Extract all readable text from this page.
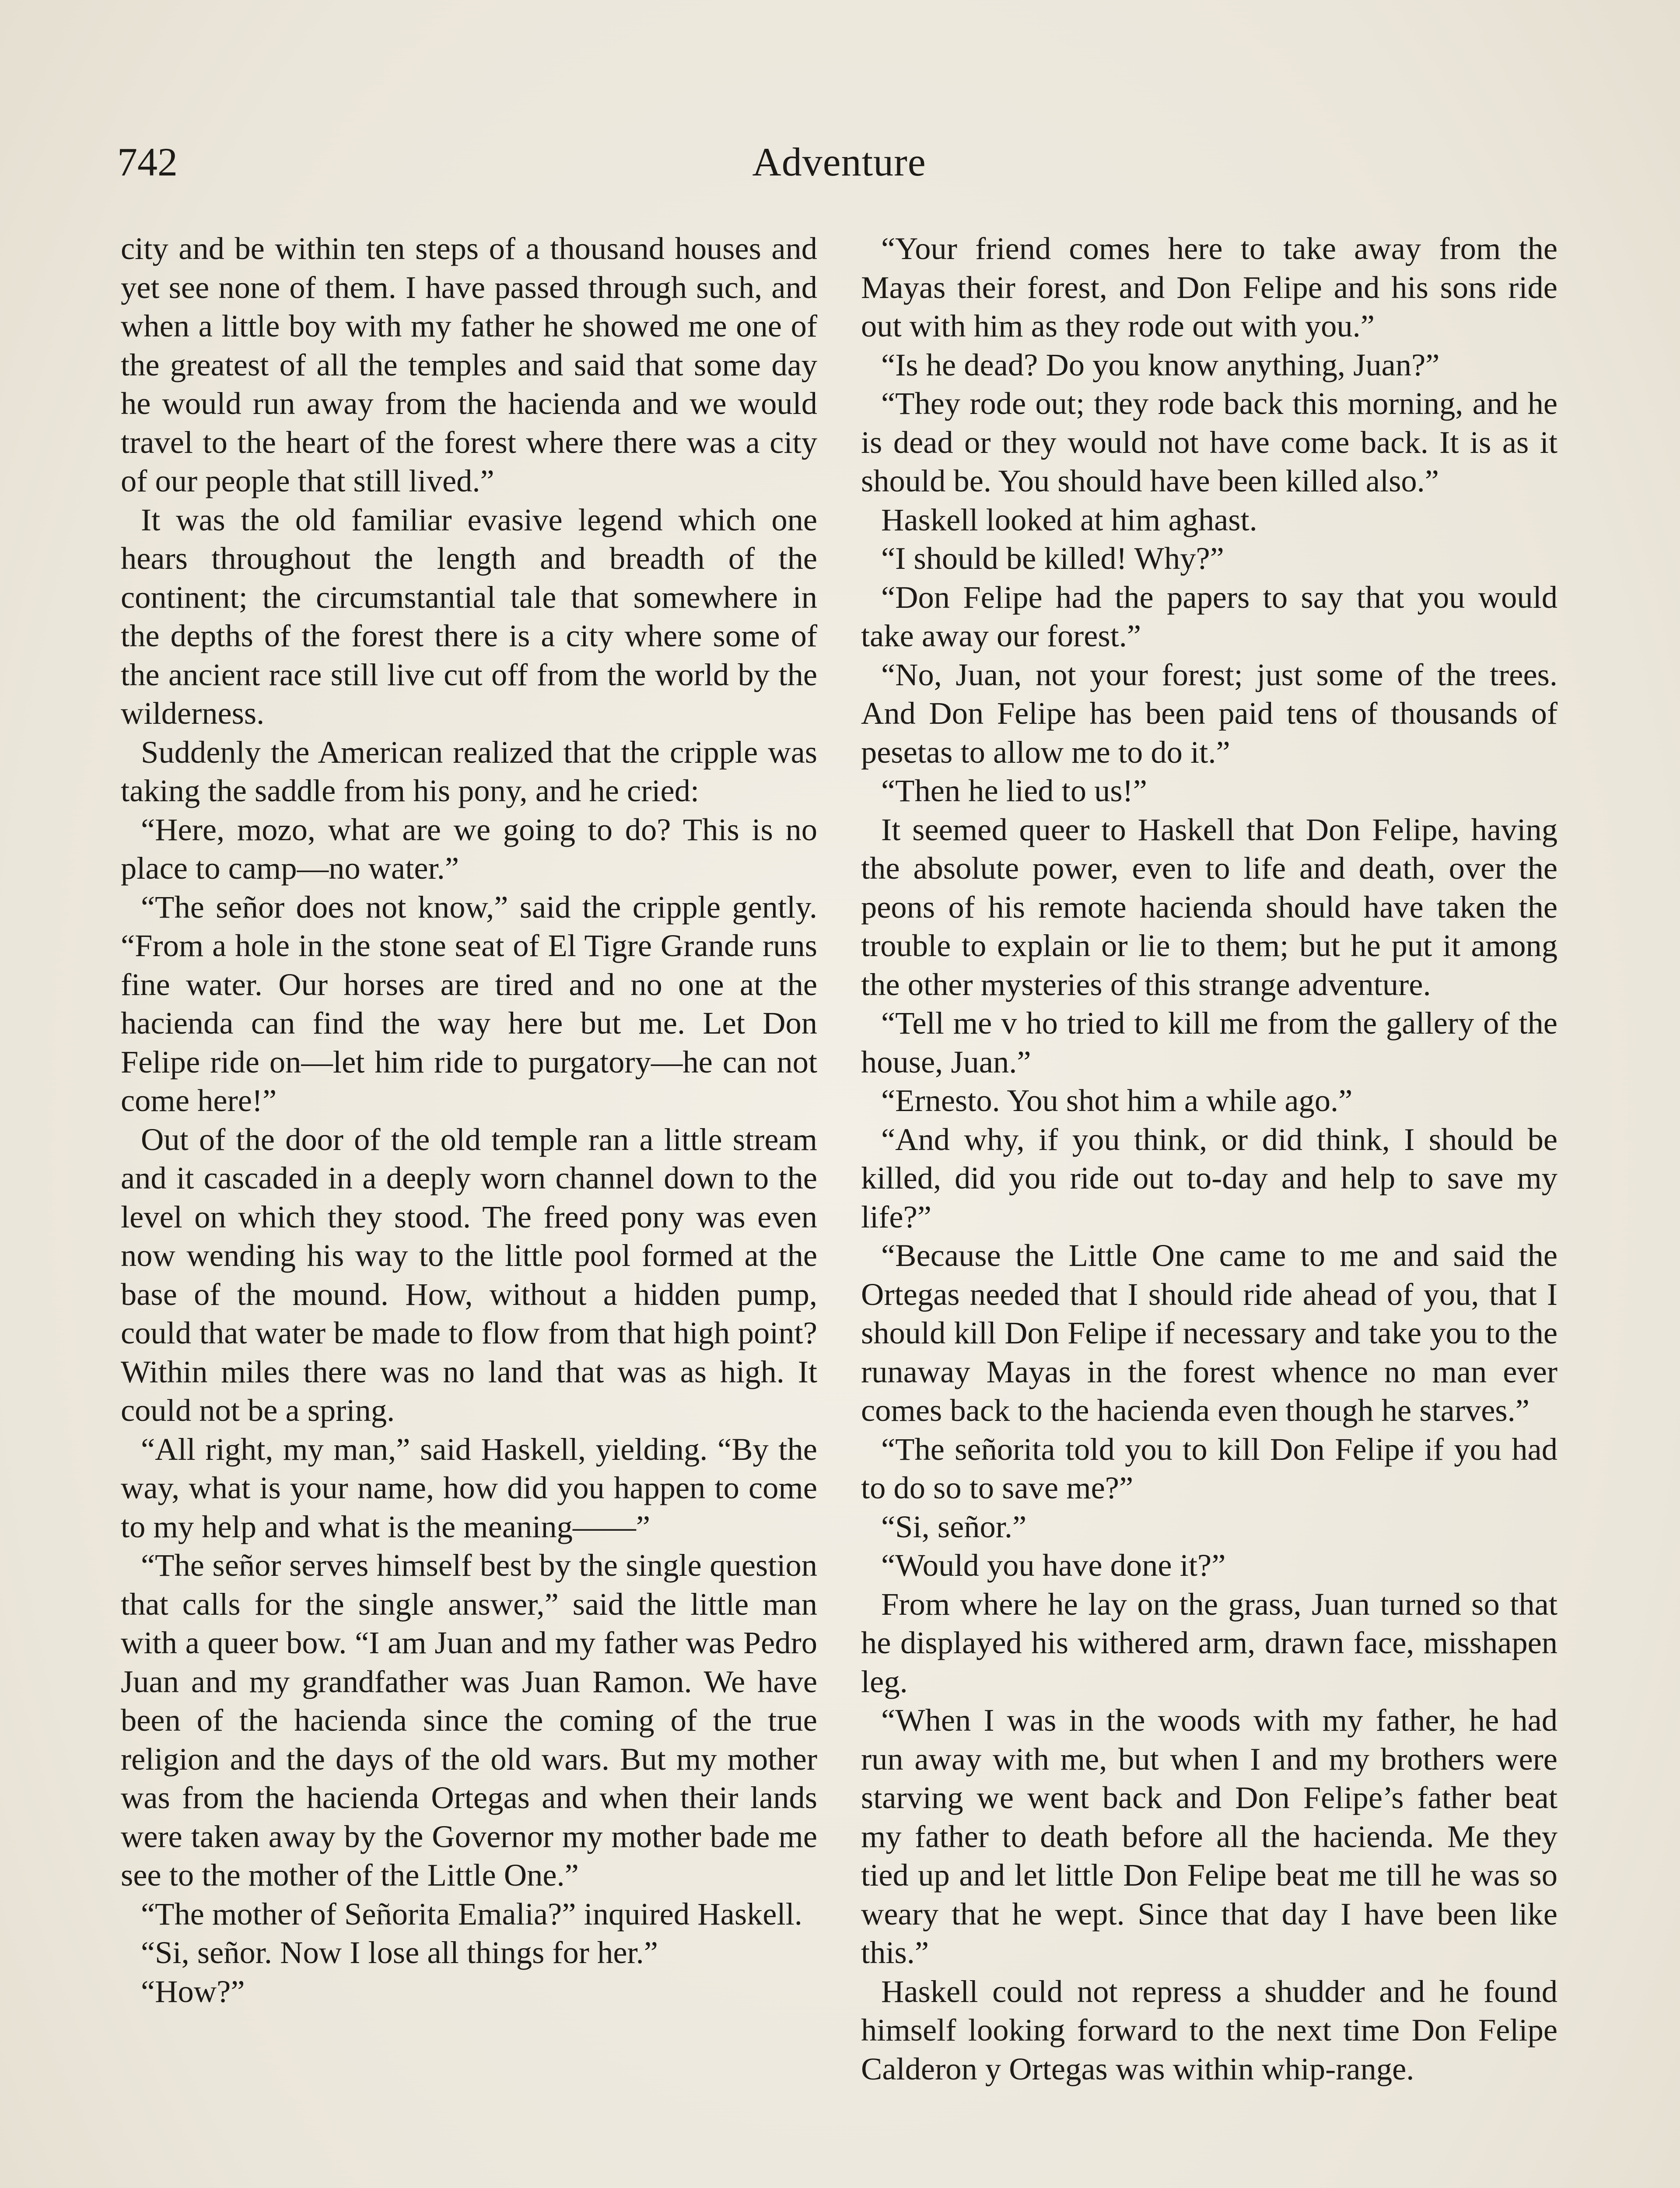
742	Adventure

city and be within ten steps of a thousand houses and yet see none of them. I have passed through such, and when a little boy with my father he showed me one of the greatest of all the temples and said that some day he would run away from the hacienda and we would travel to the heart of the forest where there was a city of our people that still lived.”

It was the old familiar evasive legend which one hears throughout the length and breadth of the continent; the circumstantial tale that somewhere in the depths of the forest there is a city where some of the ancient race still live cut off from the world by the wilderness.

Suddenly the American realized that the cripple was taking the saddle from his pony, and he cried:

“Here, mozo, what are we going to do? This is no place to camp—no water.”

“The señor does not know,” said the cripple gently. “From a hole in the stone seat of El Tigre Grande runs fine water. Our horses are tired and no one at the hacienda can find the way here but me. Let Don Felipe ride on—let him ride to purgatory—he can not come here!”

Out of the door of the old temple ran a little stream and it cascaded in a deeply worn channel down to the level on which they stood. The freed pony was even now wending his way to the little pool formed at the base of the mound. How, without a hidden pump, could that water be made to flow from that high point? Within miles there was no land that was as high. It could not be a spring.

“All right, my man,” said Haskell, yielding. “By the way, what is your name, how did you happen to come to my help and what is the meaning——”

“The señor serves himself best by the single question that calls for the single answer,” said the little man with a queer bow. “I am Juan and my father was Pedro Juan and my grandfather was Juan Ramon. We have been of the hacienda since the coming of the true religion and the days of the old wars. But my mother was from the hacienda Ortegas and when their lands were taken away by the Governor my mother bade me see to the mother of the Little One.”

“The mother of Señorita Emalia?” inquired Haskell.

“Si, señor. Now I lose all things for her.”

“How?”

“Your friend comes here to take away from the Mayas their forest, and Don Felipe and his sons ride out with him as they rode out with you.”

“Is he dead? Do you know anything, Juan?”

“They rode out; they rode back this morning, and he is dead or they would not have come back. It is as it should be. You should have been killed also.”

Haskell looked at him aghast.

“I should be killed! Why?”

“Don Felipe had the papers to say that you would take away our forest.”

“No, Juan, not your forest; just some of the trees. And Don Felipe has been paid tens of thousands of pesetas to allow me to do it.”

“Then he lied to us!”

It seemed queer to Haskell that Don Felipe, having the absolute power, even to life and death, over the peons of his remote hacienda should have taken the trouble to explain or lie to them; but he put it among the other mysteries of this strange adventure.

“Tell me v ho tried to kill me from the gallery of the house, Juan.”

“Ernesto. You shot him a while ago.”

“And why, if you think, or did think, I should be killed, did you ride out to-day and help to save my life?”

“Because the Little One came to me and said the Ortegas needed that I should ride ahead of you, that I should kill Don Felipe if necessary and take you to the runaway Mayas in the forest whence no man ever comes back to the hacienda even though he starves.”

“The señorita told you to kill Don Felipe if you had to do so to save me?”

“Si, señor.”

“Would you have done it?”

From where he lay on the grass, Juan turned so that he displayed his withered arm, drawn face, misshapen leg.

“When I was in the woods with my father, he had run away with me, but when I and my brothers were starving we went back and Don Felipe’s father beat my father to death before all the hacienda. Me they tied up and let little Don Felipe beat me till he was so weary that he wept. Since that day I have been like this.”

Haskell could not repress a shudder and he found himself looking forward to the next time Don Felipe Calderon y Ortegas was within whip-range.
